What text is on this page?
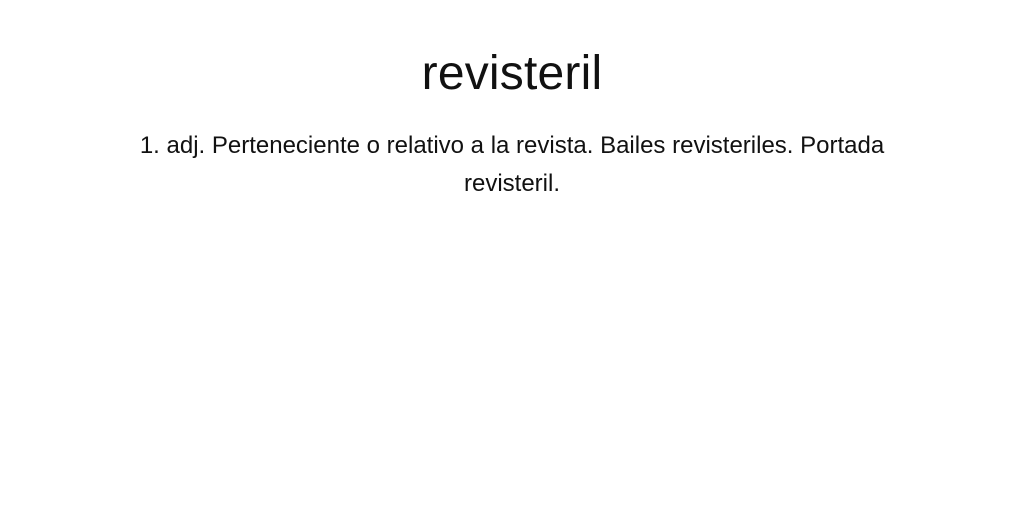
revisteril

1. adj. Perteneciente o relativo a la revista. Bailes revisteriles. Portada revisteril.
